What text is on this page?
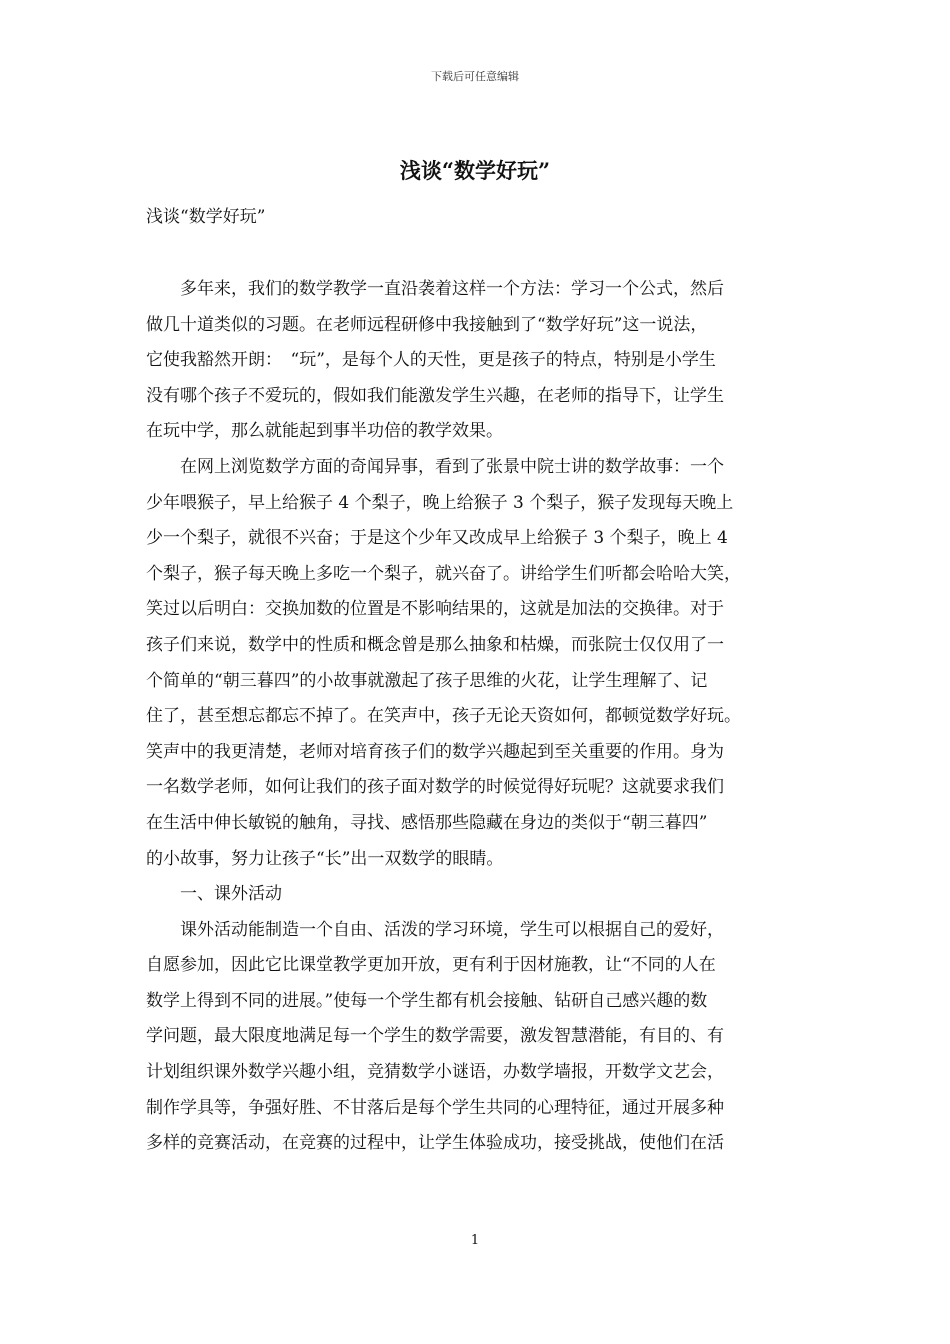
下载后可任意编辑
浅谈“数学好玩”

浅谈“数学好玩”

　　多年来，我们的数学教学一直沿袭着这样一个方法：学习一个公式，然后
做几十道类似的习题。在老师远程研修中我接触到了“数学好玩”这一说法，
它使我豁然开朗：　“玩”，是每个人的天性，更是孩子的特点，特别是小学生
没有哪个孩子不爱玩的，假如我们能激发学生兴趣，在老师的指导下，让学生
在玩中学，那么就能起到事半功倍的教学效果。
　　在网上浏览数学方面的奇闻异事，看到了张景中院士讲的数学故事：一个
少年喂猴子，早上给猴子 4 个梨子，晚上给猴子 3 个梨子，猴子发现每天晚上
少一个梨子，就很不兴奋；于是这个少年又改成早上给猴子 3 个梨子，晚上 4
个梨子，猴子每天晚上多吃一个梨子，就兴奋了。讲给学生们听都会哈哈大笑，
笑过以后明白：交换加数的位置是不影响结果的，这就是加法的交换律。对于
孩子们来说，数学中的性质和概念曾是那么抽象和枯燥，而张院士仅仅用了一
个简单的“朝三暮四”的小故事就激起了孩子思维的火花，让学生理解了、记
住了，甚至想忘都忘不掉了。在笑声中，孩子无论天资如何，都顿觉数学好玩。
笑声中的我更清楚，老师对培育孩子们的数学兴趣起到至关重要的作用。身为
一名数学老师，如何让我们的孩子面对数学的时候觉得好玩呢？这就要求我们
在生活中伸长敏锐的触角，寻找、感悟那些隐藏在身边的类似于“朝三暮四”
的小故事，努力让孩子“长”出一双数学的眼睛。
　　一、课外活动
　　课外活动能制造一个自由、活泼的学习环境，学生可以根据自己的爱好，
自愿参加，因此它比课堂教学更加开放，更有利于因材施教，让“不同的人在
数学上得到不同的进展。”使每一个学生都有机会接触、钻研自己感兴趣的数
学问题，最大限度地满足每一个学生的数学需要，激发智慧潜能，有目的、有
计划组织课外数学兴趣小组，竞猜数学小谜语，办数学墙报，开数学文艺会，
制作学具等，争强好胜、不甘落后是每个学生共同的心理特征，通过开展多种
多样的竞赛活动，在竞赛的过程中，让学生体验成功，接受挑战，使他们在活
1
